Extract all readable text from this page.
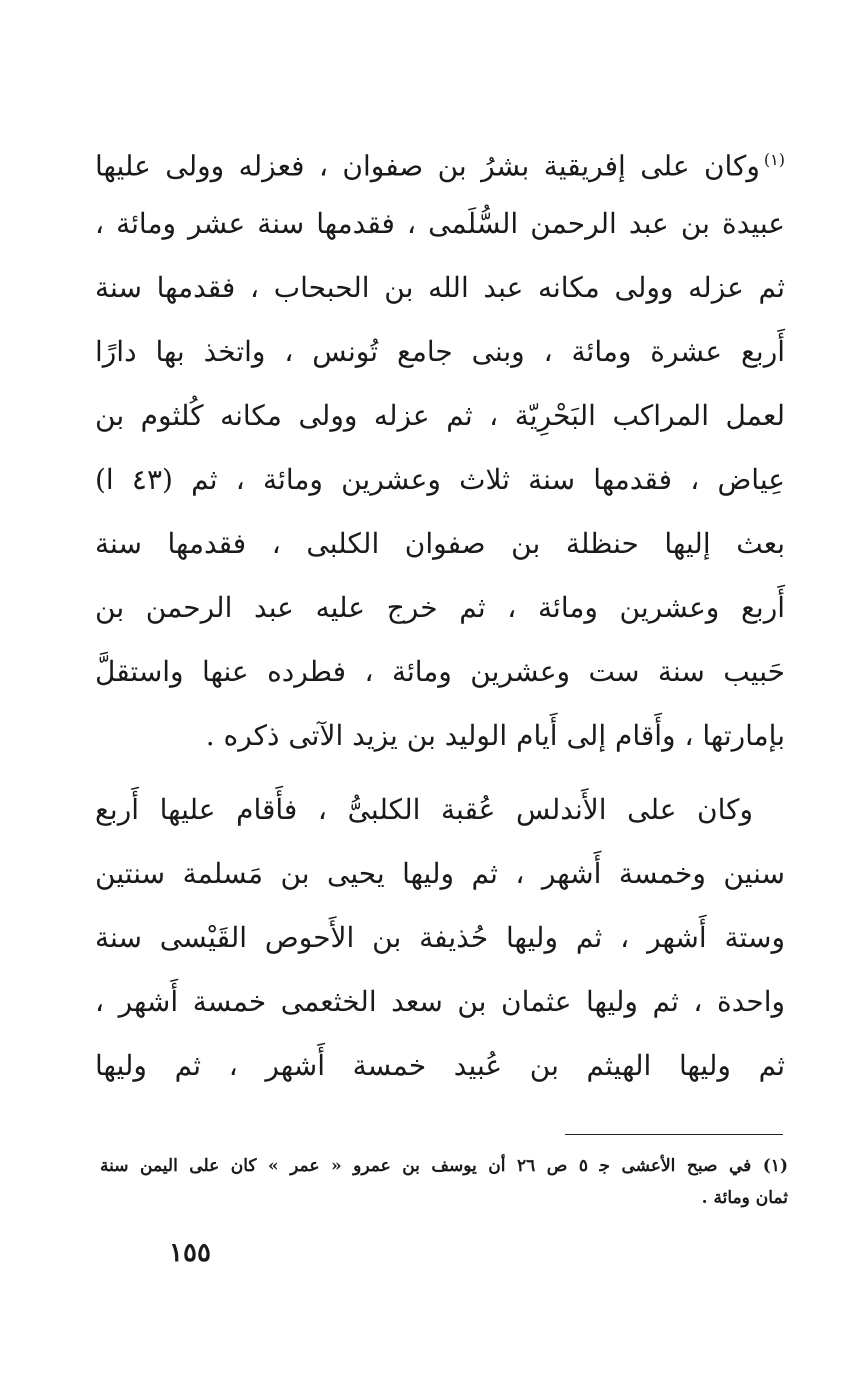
$^{(١)}$وكان على إفريقية بشرُ بن صفوان ، فعزله وولى عليها
عبيدة بن عبد الرحمن السُّلَمى ، فقدمها سنة عشر ومائة ،
ثم عزله وولى مكانه عبد الله بن الحبحاب ، فقدمها سنة
أَربع عشرة ومائة ، وبنى جامع تُونس ، واتخذ بها دارًا
لعمل المراكب البَحْرِيّة ، ثم عزله وولى مكانه كُلثوم بن
عِياض ، فقدمها سنة ثلاث وعشرين ومائة ، ثم (٤٣ ا)
بعث إليها حنظلة بن صفوان الكلبى ، فقدمها سنة
أَربع وعشرين ومائة ، ثم خرج عليه عبد الرحمن بن
حَبيب سنة ست وعشرين ومائة ، فطرده عنها واستقلَّ
بإمارتها ، وأَقام إلى أَيام الوليد بن يزيد الآتى ذكره .
وكان على الأَندلس عُقبة الكلبىُّ ، فأَقام عليها أَربع
سنين وخمسة أَشهر ، ثم وليها يحيى بن مَسلمة سنتين
وستة أَشهر ، ثم وليها حُذيفة بن الأَحوص القَيْسى سنة
واحدة ، ثم وليها عثمان بن سعد الخثعمى خمسة أَشهر ،
ثم وليها الهيثم بن عُبيد خمسة أَشهر ، ثم وليها
(١) في صبح الأعشى ﺟ ٥ ص ٢٦ أن يوسف بن عمرو « عمر » كان على اليمن سنة
ثمان ومائة .
١٥٥
